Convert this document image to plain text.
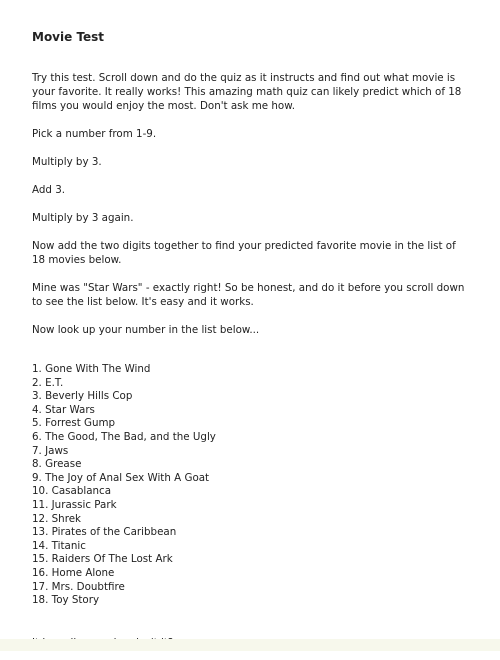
Movie Test

Try this test. Scroll down and do the quiz as it instructs and find out what movie is your favorite. It really works! This amazing math quiz can likely predict which of 18 films you would enjoy the most. Don't ask me how.

Pick a number from 1-9.

Multiply by 3.

Add 3.

Multiply by 3 again.

Now add the two digits together to find your predicted favorite movie in the list of 18 movies below.

Mine was "Star Wars" - exactly right! So be honest, and do it before you scroll down to see the list below. It's easy and it works.

Now look up your number in the list below...

1. Gone With The Wind
2. E.T.
3. Beverly Hills Cop
4. Star Wars
5. Forrest Gump
6. The Good, The Bad, and the Ugly
7. Jaws
8. Grease
9. The Joy of Anal Sex With A Goat
10. Casablanca
11. Jurassic Park
12. Shrek
13. Pirates of the Caribbean
14. Titanic
15. Raiders Of The Lost Ark
16. Home Alone
17. Mrs. Doubtfire
18. Toy Story
